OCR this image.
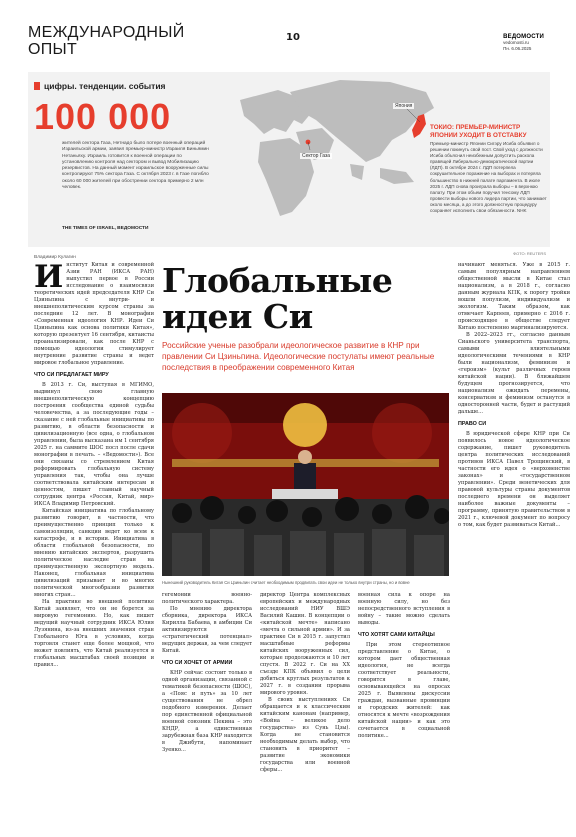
МЕЖДУНАРОДНЫЙ
ОПЫТ
10	ВЕДОМОСТИ
vedomosti.ru
Пн. 6.06.2025
цифры. тенденции. события
100 000
жителей сектора Газа, Нетнадо было потере военный операций Израильской армии, заявил премьер-министр Израиля Биньямин Нетаньяху. Израиль готовится к военной операции по установлению контроля над сектором и вывод Мобилизацию резервистов. На данный момент израильское вооруженные силы контролируют 75% сектора Газа. С октября 2023 г. в Газе погибло около 60 000 жителей при обострении сектора примерно 2 млн человек.
THE TIMES OF ISRAEL, ВЕДОМОСТИ
Сектор Газа
Япония
ТОКИО: ПРЕМЬЕР-МИНИСТР ЯПОНИИ УХОДИТ В ОТСТАВКУ
Премьер-министр Японии Сигэру Исиба объявил о решении покинуть свой пост. Свой уход с должности Исиба объяснил неизбежным допустить раскола правящей Либерально-демократической партии (ЛДП). В октябре 2024 г. ЛДП потерпела сокрушительное поражение на выборах и потеряла большинство в нижней палате парламента. В июле 2025 г. ЛДП снова проиграла выборы – в верхнюю палату. При этом объем поручил тенсому ЛДП провести выборы нового лидера партии, что занимает около месяца, а до этого должностную процедуру сохраняет исполнить свои обязанности. NHK
Владимир Кулагин
Глобальные идеи Си
Российские ученые разобрали идеологическое развитие в КНР при правлении Си Цзиньпина. Идеологические постулаты имеют реальные последствия в преображении современного Китая

Институт Китая и современной Азии РАН (ИКСА РАН) выпустил первое в России исследование о взаимосвязи теоретических идей председателя КНР Си Цзиньпина с внутри- и внешнеполитическим курсом страны за последние 12 лет. В монографии «Современная идеология КНР. Идеи Си Цзиньпина как основа политики Китая», которую презентует 16 сентября, китаисты проанализировали, как после КНР с помощью идеологии стимулирует внутренние развитие страны и ведет мировое глобальное управление.

ЧТО СИ ПРЕДЛАГАЕТ МИРУ

В 2013 г. Си, выступая в МГИМО, выдвинул свою главную внешнеполитическую концепцию построения сообщества единой судьбы человечества, а за последующие годы – сказание с ней глобальные инициативы по развитию, в области безопасности и цивилизационную (все одна, о глобальном управлении, была высказана им 1 сентября 2025 г. на саммите ШОС посл после сдачи монографии в печать. – «Ведомости»). Все они связаны со стремлением Китая реформировать глобальную систему управления так, чтобы она лучше соответствовала китайским интересам и ценностям, пишет главный научный сотрудник центра «Россия, Китай, мир» ИКСА Владимир Петровский.

Китайская инициатива по глобальному развитию говорит, в частности, что преимущественно принцип только к самоизоляции, санкции ведет ко всем к катастрофе, и в истории. Инициатива в области глобальной безопасности, по мнению китайских экспертов, разрушить политическое наследие стран на преимущественную экспортную модель. Наконец, глобальная инициатива цивилизаций призывает и во многих политической многообразии развития многих стран...

На практике во внешней политике Китай заявляет, что он не борется за мировую гегемонию. Но, как пишет ведущий научный сотрудник ИКСА Юлия Лузянина, из-за внешних значения стран Глобального Юга в условиях, когда торговля станет еще более мощной, что может повлиять, что Китай реализуется в глобальных масштабах своей позиции и правил...

Нынешний руководитель Китая Си Цзиньпин считает необходимым продвигать свои идеи не только внутри страны, но и вовне

гегемонии военно-политического характера.

По мнению директора сборника, директора ИКСА Кирилла Бабаева, в амбиции Си активизируются «стратегический потенциал» ведущих держав, за чем следует Китай.

ЧТО СИ ХОЧЕТ ОТ АРМИИ

КНР сейчас состоит только в одной организации, связанной с тематикой безопасности (ШОС), а «Пояс и путь» за 10 лет существования не обрел подобного измерения. Делает пор единственной официальной военной союзник Пекина – это КНДР, а единственная зарубежная база КНР находится в Джибути, напоминает Зуенко...

директор Центра комплексных европейских и международных исследований НИУ ВШЭ Василий Кашин. В концепции о «китайской мечте» написано «мечта о сильной армии». И за практике Си в 2015 г. запустил масштабные реформы китайских вооруженных сил, которые продолжаются и 10 лет спустя. В 2022 г. Си на XX съезде КПК объявил о цели добиться круглых результатов к 2027 г. в создании прорыва мирового уровня.

В своих выступлениях Си обращается и к классическим китайским канонам (например, «Война – великое дело государства» из Сунь Цзы). Когда не становится необходимым делать выбор, что становить в приоритет – развитие экономики государства или военной сферы...

военная сила к опоре на военную силу, но без непосредственного вступления в войну – такие можно сделать выводы.

ЧТО ХОТЯТ САМИ КИТАЙЦЫ

При этом стереотипное представление о Китае, о котором дает общественная идеология, не всегда соответствует реальности, говорится в главе, основывающейся на опросах 2025 г. Выявлены дискуссии граждан, вызванные провинции и городских жителей: как относятся к мечте «возрождения китайской нации» и как это сочетается в социальной политике...

начинают меняться. Уже в 2015 г. самым популярным направлением общественной мысли в Китае стал национализм, а в 2018 г., согласно данным журнала КПК, к порогу тройки вошли популизм, индивидуализм и экологизм. Таким образом, как отмечает Карпеев, примерно с 2016 г. происходящее в обществе следует Китаю постепенно маргинализируются.

В 2022–2023 гг., согласно данным Сианьского университета транспорта, самыми влиятельными идеологическими течениями в КНР были национализм, феминизм и «героизм» (культ различных героев китайской нации). В ближайшем будущем прогнозируется, что национализм ожидать перемены, консерватизм и феминизм останутся в односторонней части, будет и растущий дальше...

ПРАВО СИ

В юридической сфере КНР при Си появилось новое идеологическое содержание, пишет руководитель центра политических исследований противов ИКСА Павел Трощинский, в частности его идея о «верховенстве законах» и «государственном управлении». Среди венетических для правовой культуры страны документов последнего времени он выделяет наиболее важные документы – программу, принятую правительством в 2021 г., ключевой документ по вопросу о том, как будет развиваться Китай...

ФОТО: REUTERS
